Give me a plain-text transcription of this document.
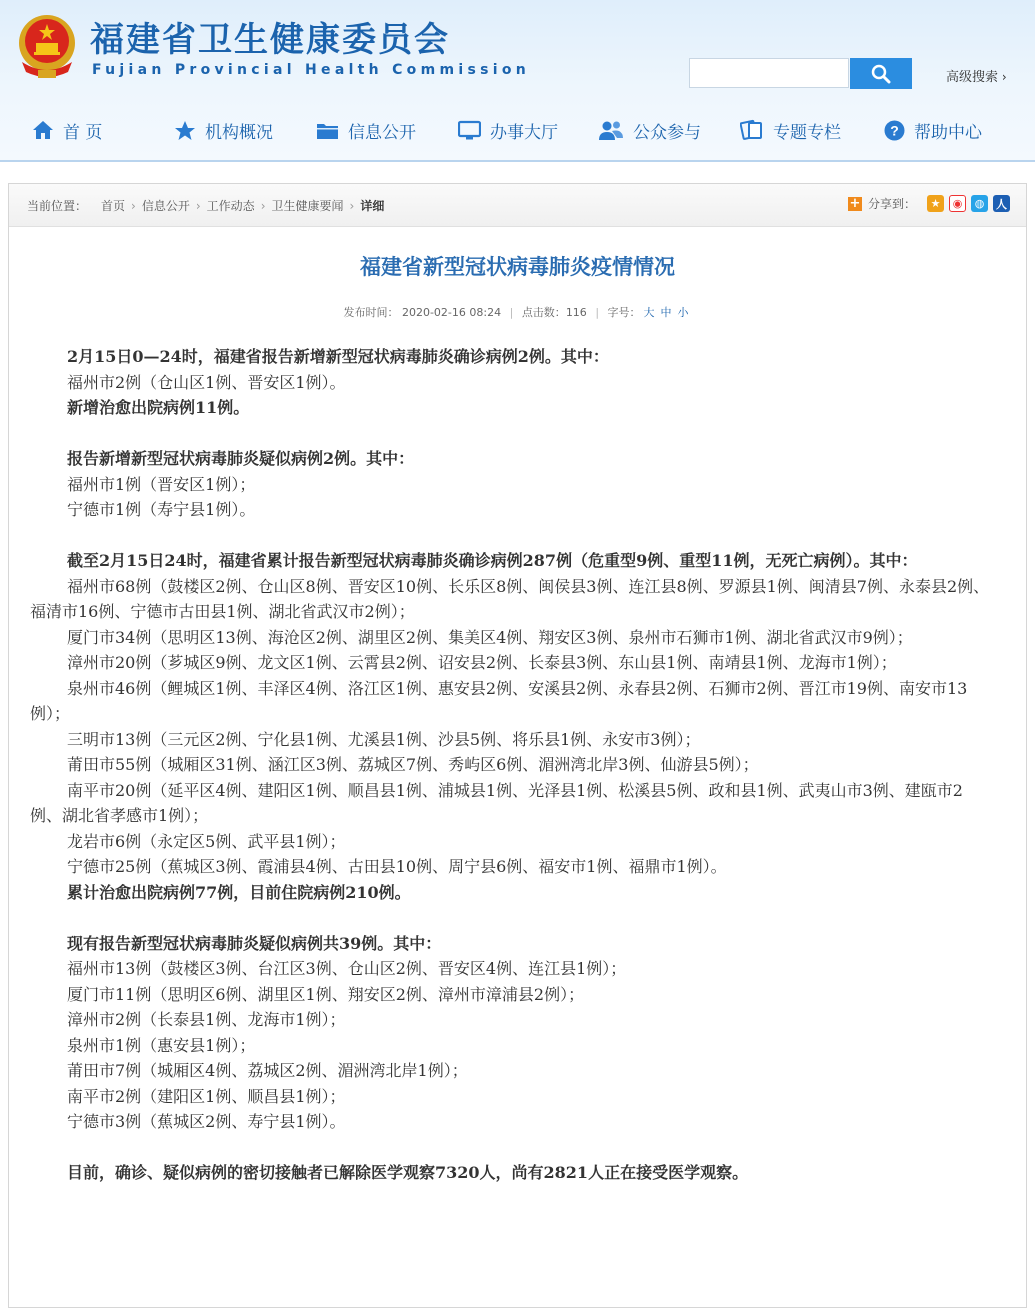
福建省卫生健康委员会
Fujian Provincial Health Commission	高级搜索 ›
首 页	机构概况	信息公开	办事大厅	公众参与	专题专栏	? 帮助中心
当前位置： 首页 › 信息公开 › 工作动态 › 卫生健康要闻 › 详细	+ 分享到：	★	◉	◍	人
福建省新型冠状病毒肺炎疫情情况
发布时间： 2020-02-16 08:24 | 点击数：116 | 字号： 大 中 小

2月15日0—24时，福建省报告新增新型冠状病毒肺炎确诊病例2例。其中：

福州市2例（仓山区1例、晋安区1例）。

新增治愈出院病例11例。

报告新增新型冠状病毒肺炎疑似病例2例。其中：

福州市1例（晋安区1例）；

宁德市1例（寿宁县1例）。

截至2月15日24时，福建省累计报告新型冠状病毒肺炎确诊病例287例（危重型9例、重型11例，无死亡病例）。其中：

福州市68例（鼓楼区2例、仓山区8例、晋安区10例、长乐区8例、闽侯县3例、连江县8例、罗源县1例、闽清县7例、永泰县2例、福清市16例、宁德市古田县1例、湖北省武汉市2例）；

厦门市34例（思明区13例、海沧区2例、湖里区2例、集美区4例、翔安区3例、泉州市石狮市1例、湖北省武汉市9例）；

漳州市20例（芗城区9例、龙文区1例、云霄县2例、诏安县2例、长泰县3例、东山县1例、南靖县1例、龙海市1例）；

泉州市46例（鲤城区1例、丰泽区4例、洛江区1例、惠安县2例、安溪县2例、永春县2例、石狮市2例、晋江市19例、南安市13例）；

三明市13例（三元区2例、宁化县1例、尤溪县1例、沙县5例、将乐县1例、永安市3例）；

莆田市55例（城厢区31例、涵江区3例、荔城区7例、秀屿区6例、湄洲湾北岸3例、仙游县5例）；

南平市20例（延平区4例、建阳区1例、顺昌县1例、浦城县1例、光泽县1例、松溪县5例、政和县1例、武夷山市3例、建瓯市2例、湖北省孝感市1例）；

龙岩市6例（永定区5例、武平县1例）；

宁德市25例（蕉城区3例、霞浦县4例、古田县10例、周宁县6例、福安市1例、福鼎市1例）。

累计治愈出院病例77例，目前住院病例210例。

现有报告新型冠状病毒肺炎疑似病例共39例。其中：

福州市13例（鼓楼区3例、台江区3例、仓山区2例、晋安区4例、连江县1例）；

厦门市11例（思明区6例、湖里区1例、翔安区2例、漳州市漳浦县2例）；

漳州市2例（长泰县1例、龙海市1例）；

泉州市1例（惠安县1例）；

莆田市7例（城厢区4例、荔城区2例、湄洲湾北岸1例）；

南平市2例（建阳区1例、顺昌县1例）；

宁德市3例（蕉城区2例、寿宁县1例）。

目前，确诊、疑似病例的密切接触者已解除医学观察7320人，尚有2821人正在接受医学观察。
